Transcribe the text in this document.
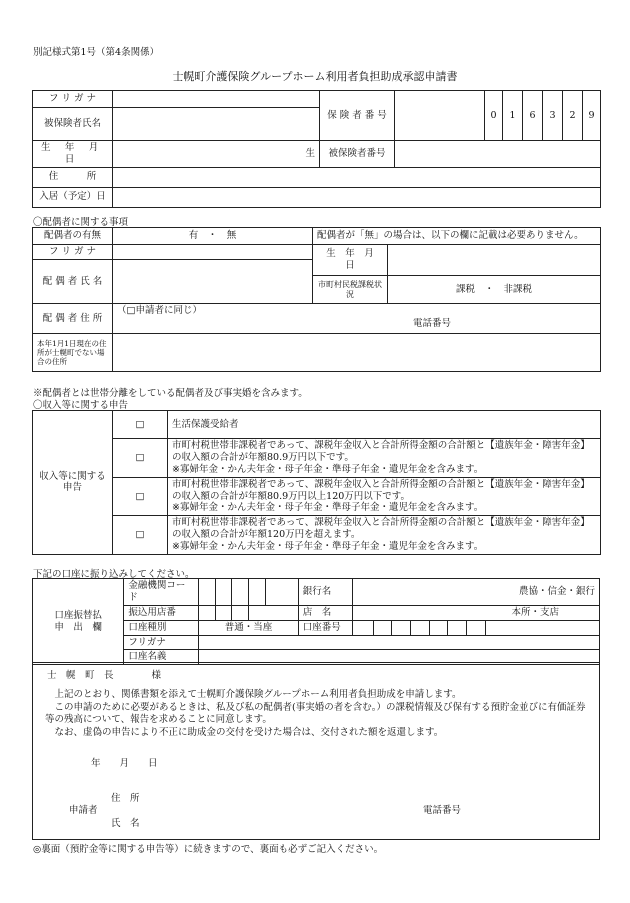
別記様式第1号（第4条関係）
士幌町介護保険グループホーム利用者負担助成承認申請書
フ リ ガ ナ		保 険 者 番 号		0	1	6	3	2	9
被保険者氏名									
生 年 月 日	生　　	被保険者番号							
住　　　所									
入居（予定）日									
〇配偶者に関する事項
配偶者の有無	有　・　無	配偶者が「無」の場合は、以下の欄に記載は必要ありません。	
フ リ ガ ナ		生　年　月　日	
配 偶 者 氏 名			
		市町村民税課税状況	課税　・　非課税
配 偶 者 住 所	（□申請者に同じ）
電話番号		

本年1月1日現在の住所が士幌町でない場合の住所			
※配偶者とは世帯分離をしている配偶者及び事実婚を含みます。
〇収入等に関する申告
収入等に関する申告	□	生活保護受給者
	□	市町村税世帯非課税者であって、課税年金収入と合計所得金額の合計額と【遺族年金・障害年金】の収入額の合計が年額80.9万円以下です。
※寡婦年金・かん夫年金・母子年金・準母子年金・遺児年金を含みます。
	□	市町村税世帯非課税者であって、課税年金収入と合計所得金額の合計額と【遺族年金・障害年金】の収入額の合計が年額80.9万円以上120万円以下です。
※寡婦年金・かん夫年金・母子年金・準母子年金・遺児年金を含みます。
	□	市町村税世帯非課税者であって、課税年金収入と合計所得金額の合計額と【遺族年金・障害年金】の収入額の合計が年額120万円を超えます。
※寡婦年金・かん夫年金・母子年金・準母子年金・遺児年金を含みます。
下記の口座に振り込みしてください。
口座振替払
申　出　欄	金融機関コード						銀行名	農協・信金・銀行							
	振込用店番						店　名	本所・支店							
	口座種別	普通・当座					口座番号								
	フリガナ														
	口座名義														
士　幌　町　長　　　　様
上記のとおり、関係書類を添えて士幌町介護保険グループホーム利用者負担助成を申請します。
この申請のために必要があるときは、私及び私の配偶者(事実婚の者を含む。）の課税情報及び保有する預貯金並びに有価証券等の残高について、報告を求めることに同意します。
なお、虚偽の申告により不正に助成金の交付を受けた場合は、交付された額を返還します。
年　　月　　日
住　所
申請者
氏　名
電話番号
◎裏面（預貯金等に関する申告等）に続きますので、裏面も必ずご記入ください。
